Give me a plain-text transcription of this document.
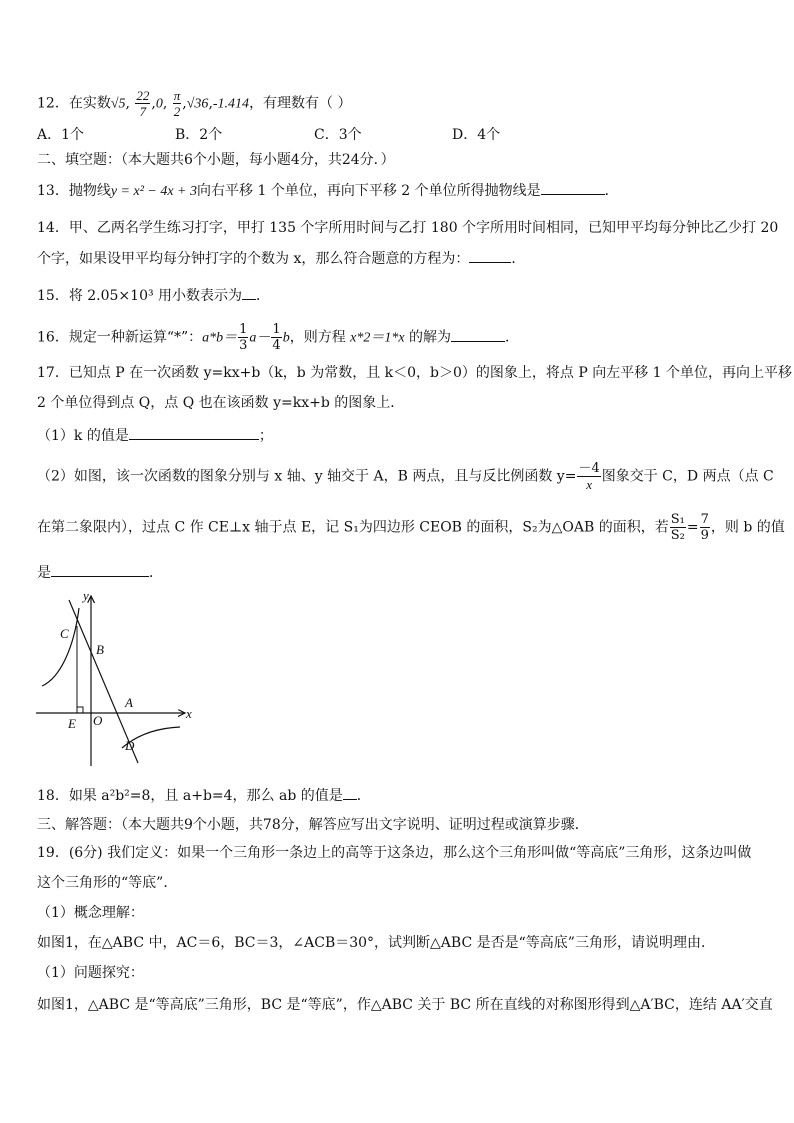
12．在实数√5, $\frac{22}{7} ,0$, $\frac{\pi}{2} ,√36,-1.414$，有理数有（ ）
A．1个	B．2个	C．3个	D．4个
二、填空题：（本大题共6个小题，每小题4分，共24分．）
13．抛物线y = x² − 4x + 3向右平移 1 个单位，再向下平移 2 个单位所得抛物线是	．
14．甲、乙两名学生练习打字，甲打 135 个字所用时间与乙打 180 个字所用时间相同，已知甲平均每分钟比乙少打 20
个字，如果设甲平均每分钟打字的个数为 x，那么符合题意的方程为：	．
15．将 2.05×10³ 用小数表示为 ．
16．规定一种新运算“*”：$a*b= \frac{1}{3} a- \frac{1}{4}$ b，则方程 x*2＝1*x 的解为	．
17．已知点 P 在一次函数 y=kx+b（k，b 为常数，且 k＜0，b＞0）的图象上，将点 P 向左平移 1 个单位，再向上平移
2 个单位得到点 Q，点 Q 也在该函数 y=kx+b 的图象上．
（1）k 的值是	；
（2）如图，该一次函数的图象分别与 x 轴、y 轴交于 A，B 两点，且与反比例函数 $y= \frac{-4}{x}$ 图象交于 C，D 两点（点 C
在第二象限内），过点 C 作 CE⊥x 轴于点 E，记 S₁为四边形 CEOB 的面积，S₂为△OAB 的面积，若 $\frac{\text{S₁}}{\text{S₂}} = \frac{7}{9}$ ，则 b 的值
是	．
y
x
C
B
A
E O
D
18．如果 a²b²=8，且 a+b=4，那么 ab 的值是 ．
三、解答题：（本大题共9个小题，共78分，解答应写出文字说明、证明过程或演算步骤．
19．(6分) 我们定义：如果一个三角形一条边上的高等于这条边，那么这个三角形叫做“等高底”三角形，这条边叫做
这个三角形的“等底”．
（1）概念理解：
如图1，在△ABC 中，AC＝6，BC＝3，∠ACB＝30°，试判断△ABC 是否是“等高底”三角形，请说明理由．
（1）问题探究：
如图1，△ABC 是“等高底”三角形，BC 是“等底”，作△ABC 关于 BC 所在直线的对称图形得到△A′BC，连结 AA′交直
